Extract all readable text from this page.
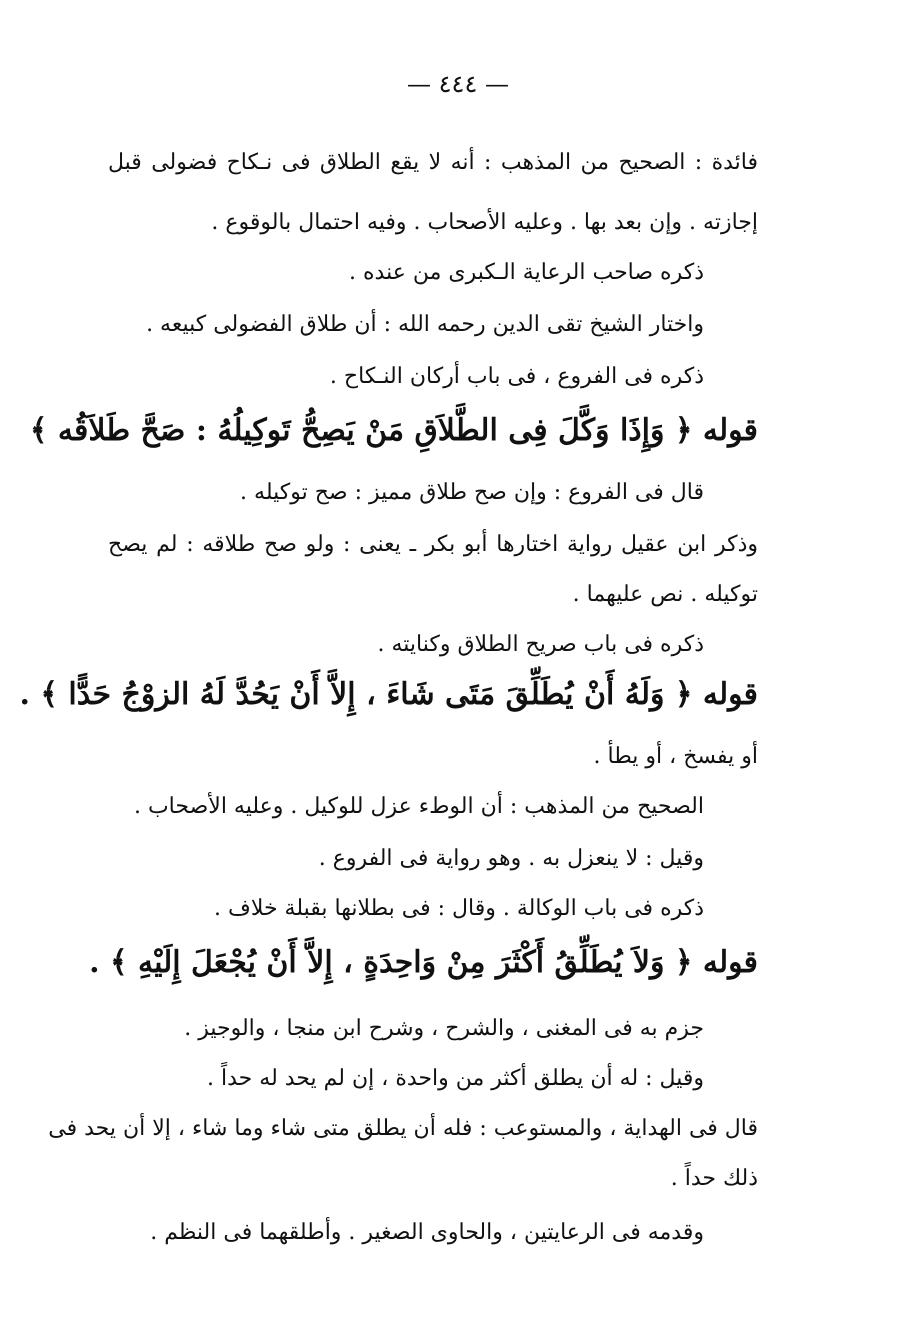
— ٤٤٤ —
فائدة : الصحيح من المذهب : أنه لا يقع الطلاق فى نـكاح فضولى قبل
إجازته . وإن بعد بها . وعليه الأصحاب . وفيه احتمال بالوقوع .
ذكره صاحب الرعاية الـكبرى من عنده .
واختار الشيخ تقى الدين رحمه الله : أن طلاق الفضولى كبيعه .
ذكره فى الفروع ، فى باب أركان النـكاح .
قوله ﴿ وَإِذَا وَكَّلَ فِى الطَّلاَقِ مَنْ يَصِحُّ تَوكِيلُهُ : صَحَّ طَلاَقُه ﴾
قال فى الفروع : وإن صح طلاق مميز : صح توكيله .
وذكر ابن عقيل رواية اختارها أبو بكر ـ يعنى : ولو صح طلاقه : لم يصح
توكيله . نص عليهما .
ذكره فى باب صريح الطلاق وكنايته .
قوله ﴿ وَلَهُ أَنْ يُطَلِّقَ مَتَى شَاءَ ، إِلاَّ أَنْ يَحُدَّ لَهُ الزوْجُ حَدًّا ﴾ .
أو يفسخ ، أو يطأ .
الصحيح من المذهب : أن الوطء عزل للوكيل . وعليه الأصحاب .
وقيل : لا ينعزل به . وهو رواية فى الفروع .
ذكره فى باب الوكالة . وقال : فى بطلانها بقبلة خلاف .
قوله ﴿ وَلاَ يُطَلِّقُ أَكْثَرَ مِنْ وَاحِدَةٍ ، إِلاَّ أَنْ يُجْعَلَ إِلَيْهِ ﴾ .
جزم به فى المغنى ، والشرح ، وشرح ابن منجا ، والوجيز .
وقيل : له أن يطلق أكثر من واحدة ، إن لم يحد له حداً .
قال فى الهداية ، والمستوعب : فله أن يطلق متى شاء وما شاء ، إلا أن يحد فى
ذلك حداً .
وقدمه فى الرعايتين ، والحاوى الصغير . وأطلقهما فى النظم .
